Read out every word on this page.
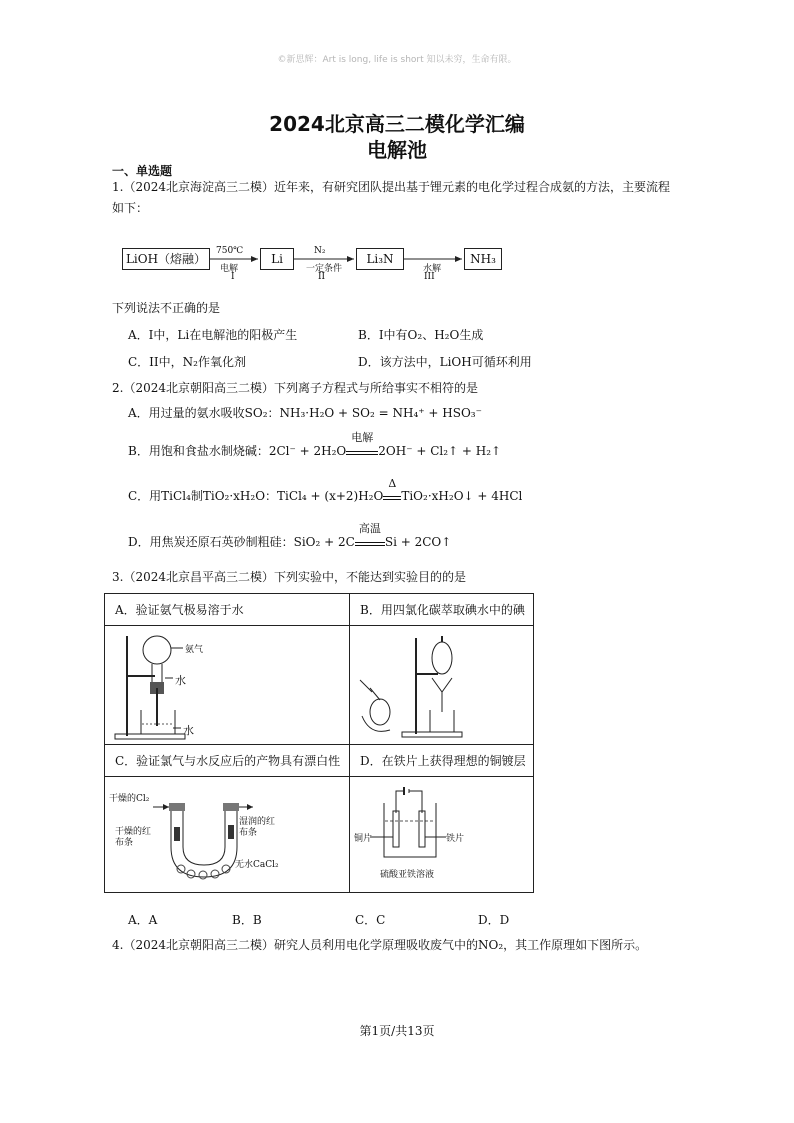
©新思辉：Art is long, life is short 知以未穷，生命有限。
2024北京高三二模化学汇编
电解池
一、单选题
1.（2024北京海淀高三二模）近年来，有研究团队提出基于锂元素的电化学过程合成氨的方法，主要流程
如下：
LiOH（熔融）	Li	Li₃N	NH₃
750℃
电解
I
N₂
一定条件
II
水解
III
下列说法不正确的是
A．I中，Li在电解池的阳极产生	B．I中有O₂、H₂O生成
C．II中，N₂作氧化剂	D．该方法中，LiOH可循环利用
2.（2024北京朝阳高三二模）下列离子方程式与所给事实不相符的是
A．用过量的氨水吸收SO₂：NH₃·H₂O + SO₂ = NH₄⁺ + HSO₃⁻
B．用饱和食盐水制烧碱：2Cl⁻ + 2H₂O
电解
2OH⁻ + Cl₂↑ + H₂↑
C．用TiCl₄制TiO₂·xH₂O：TiCl₄ + (x+2)H₂O
Δ
TiO₂·xH₂O↓ + 4HCl
D．用焦炭还原石英砂制粗硅：SiO₂ + 2C
高温
Si + 2CO↑
3.（2024北京昌平高三二模）下列实验中，不能达到实验目的的是
A．验证氨气极易溶于水	B．用四氯化碳萃取碘水中的碘

氨气
水
水

C．验证氯气与水反应后的产物具有漂白性	D．在铁片上获得理想的铜镀层

干燥的Cl₂
干燥的红布条
湿润的红布条
无水CaCl₂	铜片 铁片
硫酸亚铁溶液
A．A	B．B	C．C	D．D
4.（2024北京朝阳高三二模）研究人员利用电化学原理吸收废气中的NO₂，其工作原理如下图所示。
第1页/共13页
